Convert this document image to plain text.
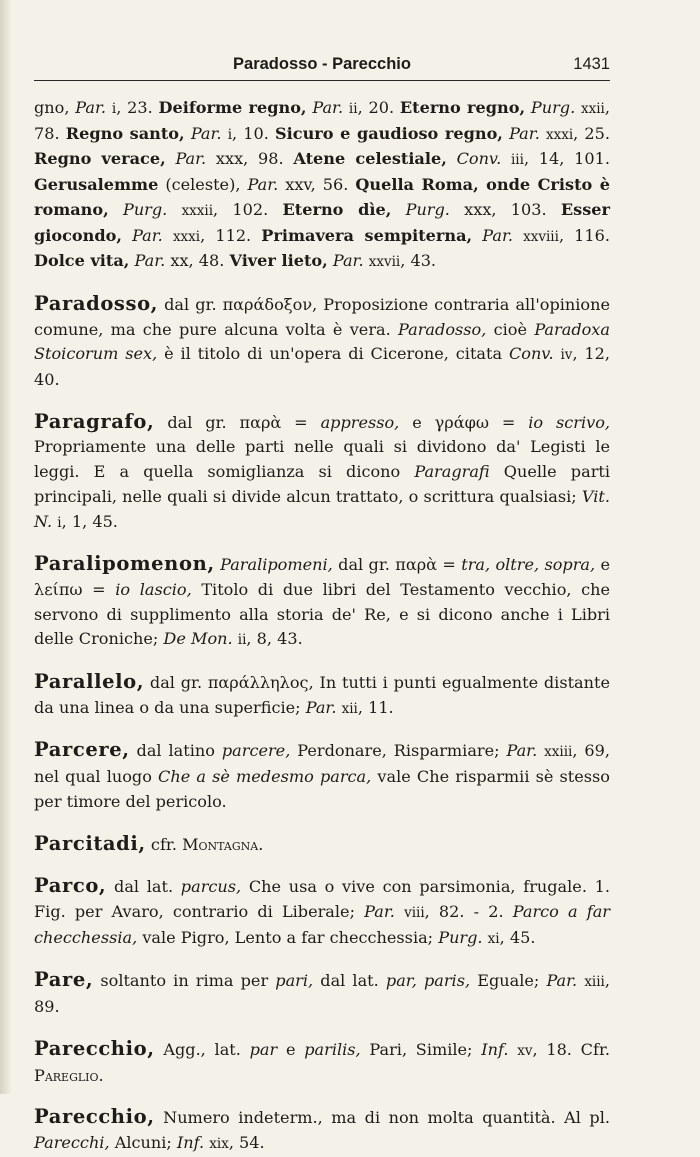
Paradosso - Parecchio	1431

gno, Par. i, 23. Deiforme regno, Par. ii, 20. Eterno regno, Purg. xxii, 78. Regno santo, Par. i, 10. Sicuro e gaudioso regno, Par. xxxi, 25. Regno verace, Par. xxx, 98. Atene celestiale, Conv. iii, 14, 101. Gerusalemme (celeste), Par. xxv, 56. Quella Roma, onde Cristo è romano, Purg. xxxii, 102. Eterno dìe, Purg. xxx, 103. Esser giocondo, Par. xxxi, 112. Primavera sempiterna, Par. xxviii, 116. Dolce vita, Par. xx, 48. Viver lieto, Par. xxvii, 43.

Paradosso, dal gr. παράδοξον, Proposizione contraria all'opinione comune, ma che pure alcuna volta è vera. Paradosso, cioè Paradoxa Stoicorum sex, è il titolo di un'opera di Cicerone, citata Conv. iv, 12, 40.

Paragrafo, dal gr. παρὰ = appresso, e γράφω = io scrivo, Propriamente una delle parti nelle quali si dividono da' Legisti le leggi. E a quella somiglianza si dicono Paragrafi Quelle parti principali, nelle quali si divide alcun trattato, o scrittura qualsiasi; Vit. N. i, 1, 45.

Paralipomenon, Paralipomeni, dal gr. παρὰ = tra, oltre, sopra, e λείπω = io lascio, Titolo di due libri del Testamento vecchio, che servono di supplimento alla storia de' Re, e si dicono anche i Libri delle Croniche; De Mon. ii, 8, 43.

Parallelo, dal gr. παράλληλος, In tutti i punti egualmente distante da una linea o da una superficie; Par. xii, 11.

Parcere, dal latino parcere, Perdonare, Risparmiare; Par. xxiii, 69, nel qual luogo Che a sè medesmo parca, vale Che risparmii sè stesso per timore del pericolo.

Parcitadi, cfr. Montagna.

Parco, dal lat. parcus, Che usa o vive con parsimonia, frugale. 1. Fig. per Avaro, contrario di Liberale; Par. viii, 82. - 2. Parco a far checchessia, vale Pigro, Lento a far checchessia; Purg. xi, 45.

Pare, soltanto in rima per pari, dal lat. par, paris, Eguale; Par. xiii, 89.

Parecchio, Agg., lat. par e parilis, Pari, Simile; Inf. xv, 18. Cfr. Pareglio.

Parecchio, Numero indeterm., ma di non molta quantità. Al pl. Parecchi, Alcuni; Inf. xix, 54.
